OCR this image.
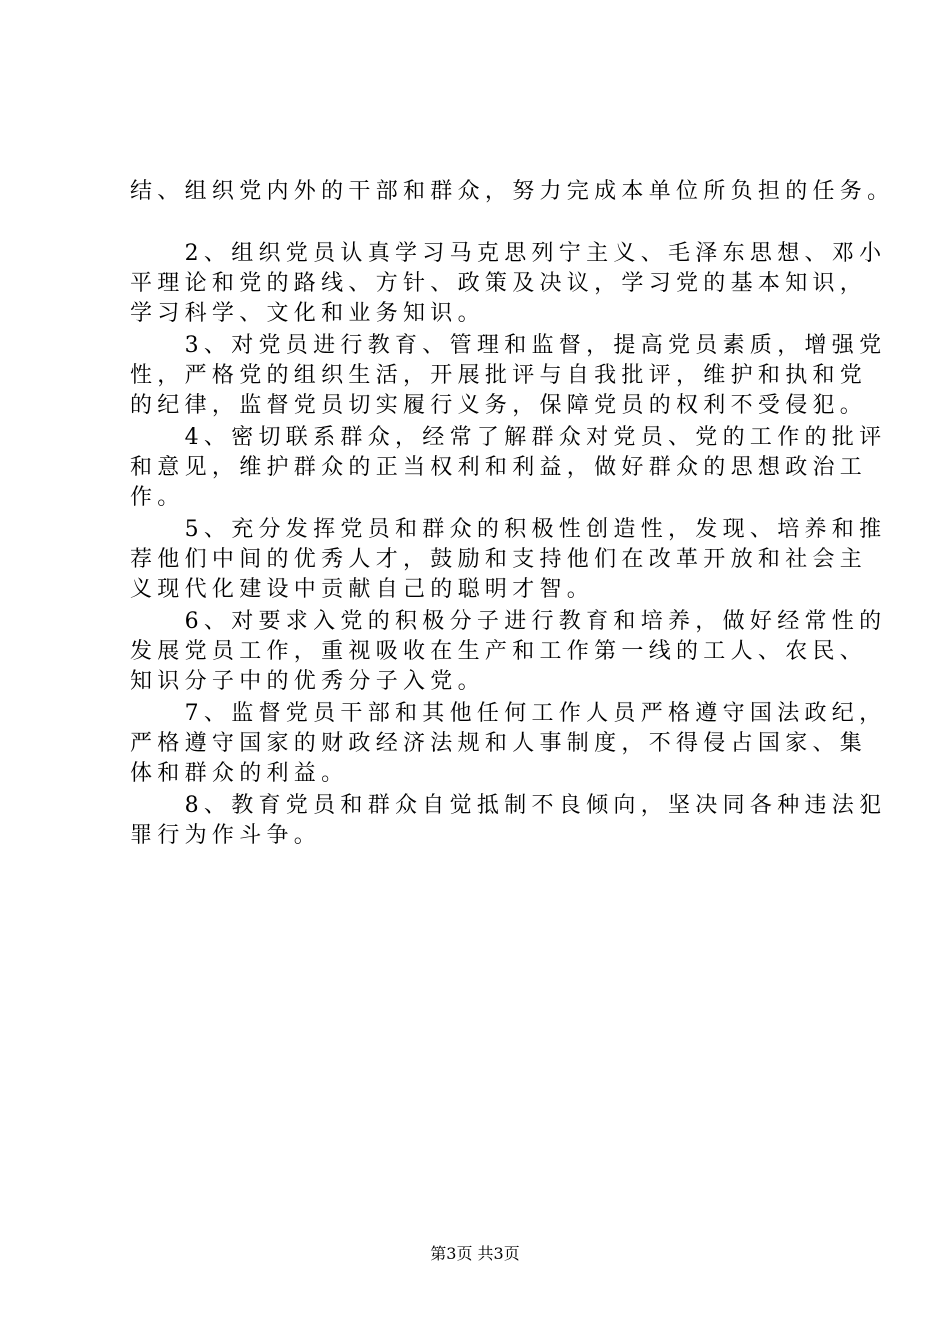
结、组织党内外的干部和群众，努力完成本单位所负担的任务。
　　2、组织党员认真学习马克思列宁主义、毛泽东思想、邓小
平理论和党的路线、方针、政策及决议，学习党的基本知识，
学习科学、文化和业务知识。
　　3、对党员进行教育、管理和监督，提高党员素质，增强党
性，严格党的组织生活，开展批评与自我批评，维护和执和党
的纪律，监督党员切实履行义务，保障党员的权利不受侵犯。
　　4、密切联系群众，经常了解群众对党员、党的工作的批评
和意见，维护群众的正当权利和利益，做好群众的思想政治工
作。
　　5、充分发挥党员和群众的积极性创造性，发现、培养和推
荐他们中间的优秀人才，鼓励和支持他们在改革开放和社会主
义现代化建设中贡献自己的聪明才智。
　　6、对要求入党的积极分子进行教育和培养，做好经常性的
发展党员工作，重视吸收在生产和工作第一线的工人、农民、
知识分子中的优秀分子入党。
　　7、监督党员干部和其他任何工作人员严格遵守国法政纪，
严格遵守国家的财政经济法规和人事制度，不得侵占国家、集
体和群众的利益。
　　8、教育党员和群众自觉抵制不良倾向，坚决同各种违法犯
罪行为作斗争。
第3页 共3页
